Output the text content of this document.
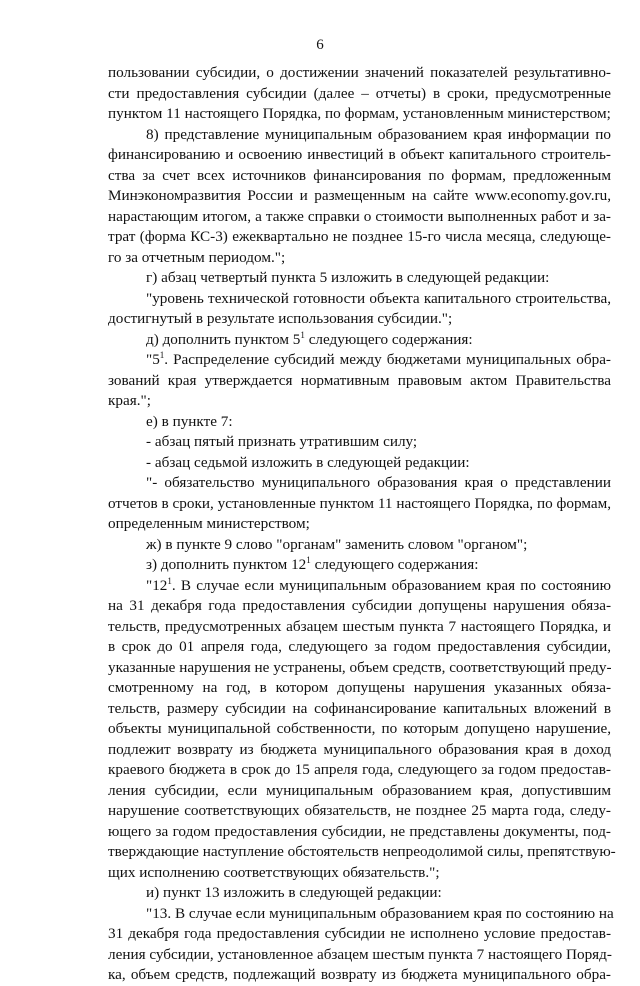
6
пользовании субсидии, о достижении значений показателей результативно-
сти предоставления субсидии (далее – отчеты) в сроки, предусмотренные
пунктом 11 настоящего Порядка, по формам, установленным министерством;
8) представление муниципальным образованием края информации по
финансированию и освоению инвестиций в объект капитального строитель-
ства за счет всех источников финансирования по формам, предложенным
Минэкономразвития России и размещенным на сайте www.economy.gov.ru,
нарастающим итогом, а также справки о стоимости выполненных работ и за-
трат (форма КС-3) ежеквартально не позднее 15-го числа месяца, следующе-
го за отчетным периодом.";
г) абзац четвертый пункта 5 изложить в следующей редакции:
"уровень технической готовности объекта капитального строительства,
достигнутый в результате использования субсидии.";
д) дополнить пунктом $5^1$ следующего содержания:
"$5^1$. Распределение субсидий между бюджетами муниципальных обра-
зований края утверждается нормативным правовым актом Правительства
края.";
е) в пункте 7:
- абзац пятый признать утратившим силу;
- абзац седьмой изложить в следующей редакции:
"- обязательство муниципального образования края о представлении
отчетов в сроки, установленные пунктом 11 настоящего Порядка, по формам,
определенным министерством;
ж) в пункте 9 слово "органам" заменить словом "органом";
з) дополнить пунктом $12^1$ следующего содержания:
"$12^1$. В случае если муниципальным образованием края по состоянию
на 31 декабря года предоставления субсидии допущены нарушения обяза-
тельств, предусмотренных абзацем шестым пункта 7 настоящего Порядка, и
в срок до 01 апреля года, следующего за годом предоставления субсидии,
указанные нарушения не устранены, объем средств, соответствующий преду-
смотренному на год, в котором допущены нарушения указанных обяза-
тельств, размеру субсидии на софинансирование капитальных вложений в
объекты муниципальной собственности, по которым допущено нарушение,
подлежит возврату из бюджета муниципального образования края в доход
краевого бюджета в срок до 15 апреля года, следующего за годом предостав-
ления субсидии, если муниципальным образованием края, допустившим
нарушение соответствующих обязательств, не позднее 25 марта года, следу-
ющего за годом предоставления субсидии, не представлены документы, под-
тверждающие наступление обстоятельств непреодолимой силы, препятствую-
щих исполнению соответствующих обязательств.";
и) пункт 13 изложить в следующей редакции:
"13. В случае если муниципальным образованием края по состоянию на
31 декабря года предоставления субсидии не исполнено условие предостав-
ления субсидии, установленное абзацем шестым пункта 7 настоящего Поряд-
ка, объем средств, подлежащий возврату из бюджета муниципального обра-
